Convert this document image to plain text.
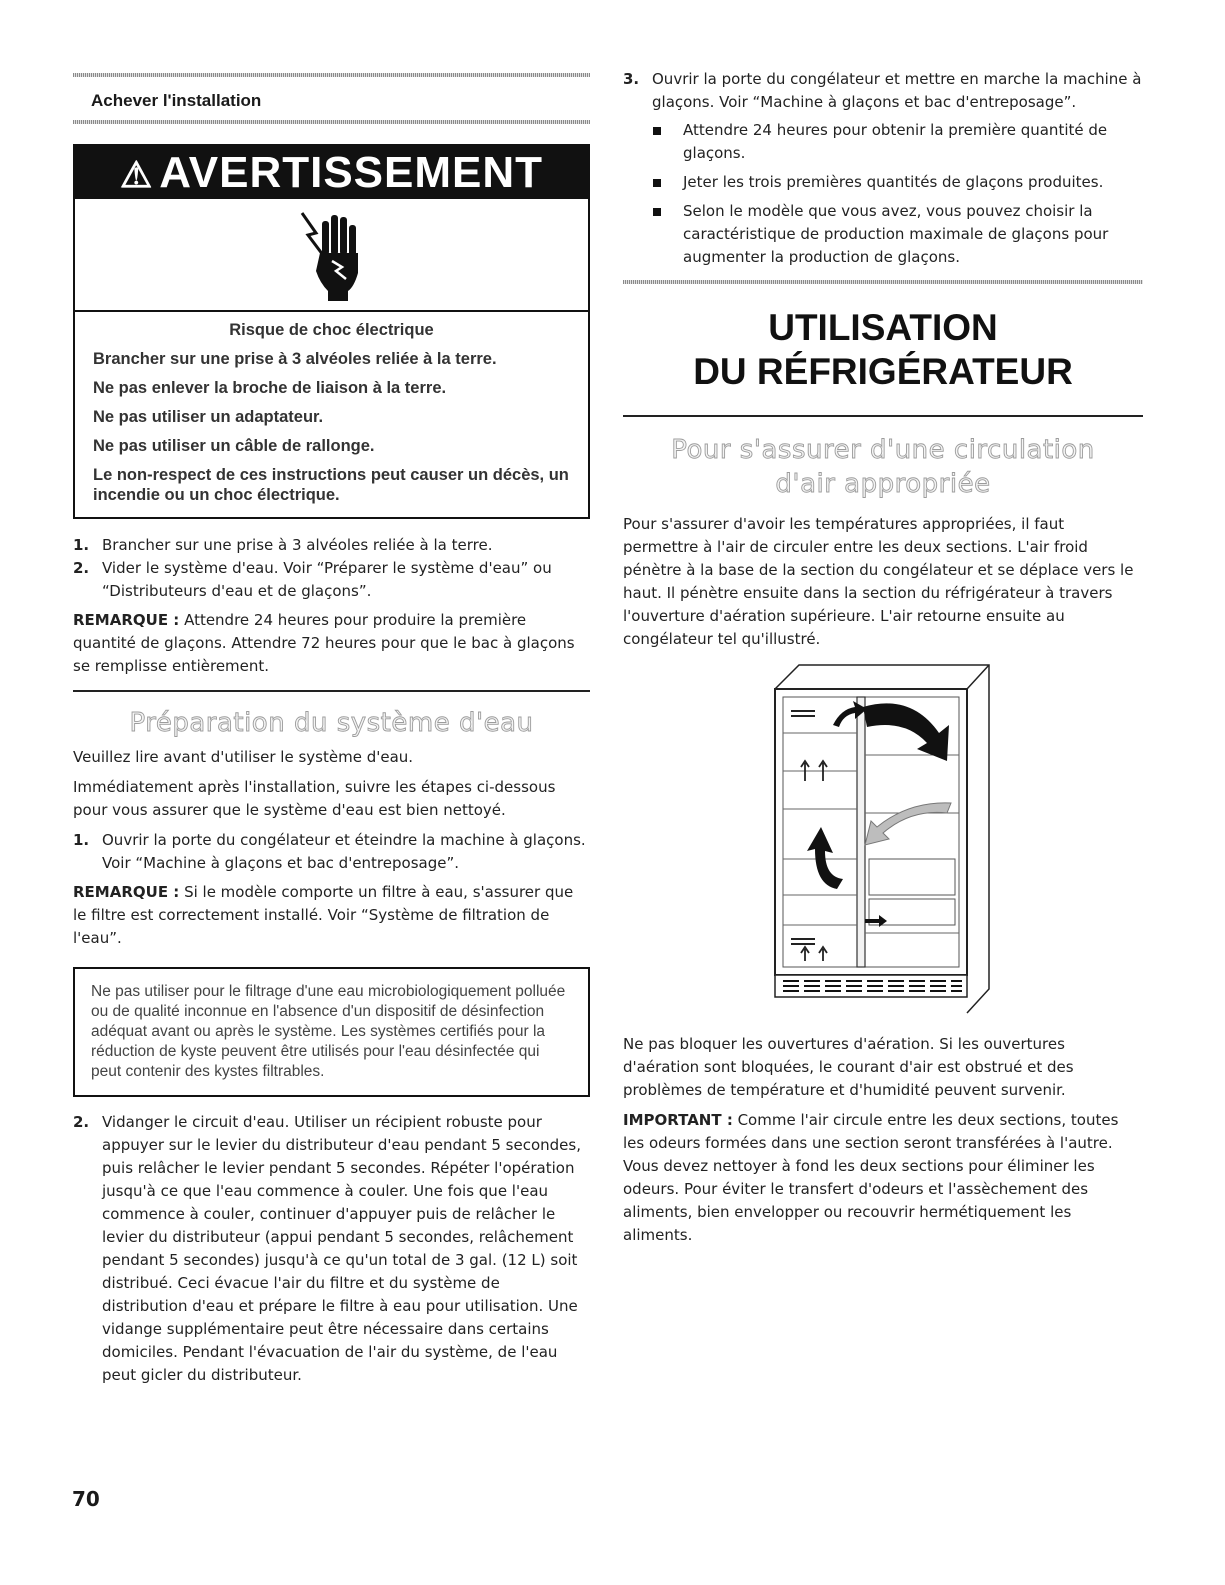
Achever l'installation
⚠ AVERTISSEMENT
Risque de choc électrique

Brancher sur une prise à 3 alvéoles reliée à la terre.

Ne pas enlever la broche de liaison à la terre.

Ne pas utiliser un adaptateur.

Ne pas utiliser un câble de rallonge.

Le non-respect de ces instructions peut causer un décès, un incendie ou un choc électrique.

1. Brancher sur une prise à 3 alvéoles reliée à la terre.
2. Vider le système d'eau. Voir “Préparer le système d'eau” ou “Distributeurs d'eau et de glaçons”.
REMARQUE : Attendre 24 heures pour produire la première quantité de glaçons. Attendre 72 heures pour que le bac à glaçons se remplisse entièrement.
Préparation du système d'eau
Veuillez lire avant d'utiliser le système d'eau.
Immédiatement après l'installation, suivre les étapes ci-dessous pour vous assurer que le système d'eau est bien nettoyé.
1. Ouvrir la porte du congélateur et éteindre la machine à glaçons. Voir “Machine à glaçons et bac d'entreposage”.
REMARQUE : Si le modèle comporte un filtre à eau, s'assurer que le filtre est correctement installé. Voir “Système de filtration de l'eau”.
Ne pas utiliser pour le filtrage d'une eau microbiologiquement polluée ou de qualité inconnue en l'absence d'un dispositif de désinfection adéquat avant ou après le système. Les systèmes certifiés pour la réduction de kyste peuvent être utilisés pour l'eau désinfectée qui peut contenir des kystes filtrables.
2. Vidanger le circuit d'eau. Utiliser un récipient robuste pour appuyer sur le levier du distributeur d'eau pendant 5 secondes, puis relâcher le levier pendant 5 secondes. Répéter l'opération jusqu'à ce que l'eau commence à couler. Une fois que l'eau commence à couler, continuer d'appuyer puis de relâcher le levier du distributeur (appui pendant 5 secondes, relâchement pendant 5 secondes) jusqu'à ce qu'un total de 3 gal. (12 L) soit distribué. Ceci évacue l'air du filtre et du système de distribution d'eau et prépare le filtre à eau pour utilisation. Une vidange supplémentaire peut être nécessaire dans certains domiciles. Pendant l'évacuation de l'air du système, de l'eau peut gicler du distributeur.
3. Ouvrir la porte du congélateur et mettre en marche la machine à glaçons. Voir “Machine à glaçons et bac d'entreposage”.
Attendre 24 heures pour obtenir la première quantité de glaçons.
Jeter les trois premières quantités de glaçons produites.
Selon le modèle que vous avez, vous pouvez choisir la caractéristique de production maximale de glaçons pour augmenter la production de glaçons.
UTILISATION
DU RÉFRIGÉRATEUR
Pour s'assurer d'une circulation d'air appropriée
Pour s'assurer d'avoir les températures appropriées, il faut permettre à l'air de circuler entre les deux sections. L'air froid pénètre à la base de la section du congélateur et se déplace vers le haut. Il pénètre ensuite dans la section du réfrigérateur à travers l'ouverture d'aération supérieure. L'air retourne ensuite au congélateur tel qu'illustré.
Ne pas bloquer les ouvertures d'aération. Si les ouvertures d'aération sont bloquées, le courant d'air est obstrué et des problèmes de température et d'humidité peuvent survenir.
IMPORTANT : Comme l'air circule entre les deux sections, toutes les odeurs formées dans une section seront transférées à l'autre. Vous devez nettoyer à fond les deux sections pour éliminer les odeurs. Pour éviter le transfert d'odeurs et l'assèchement des aliments, bien envelopper ou recouvrir hermétiquement les aliments.
70
